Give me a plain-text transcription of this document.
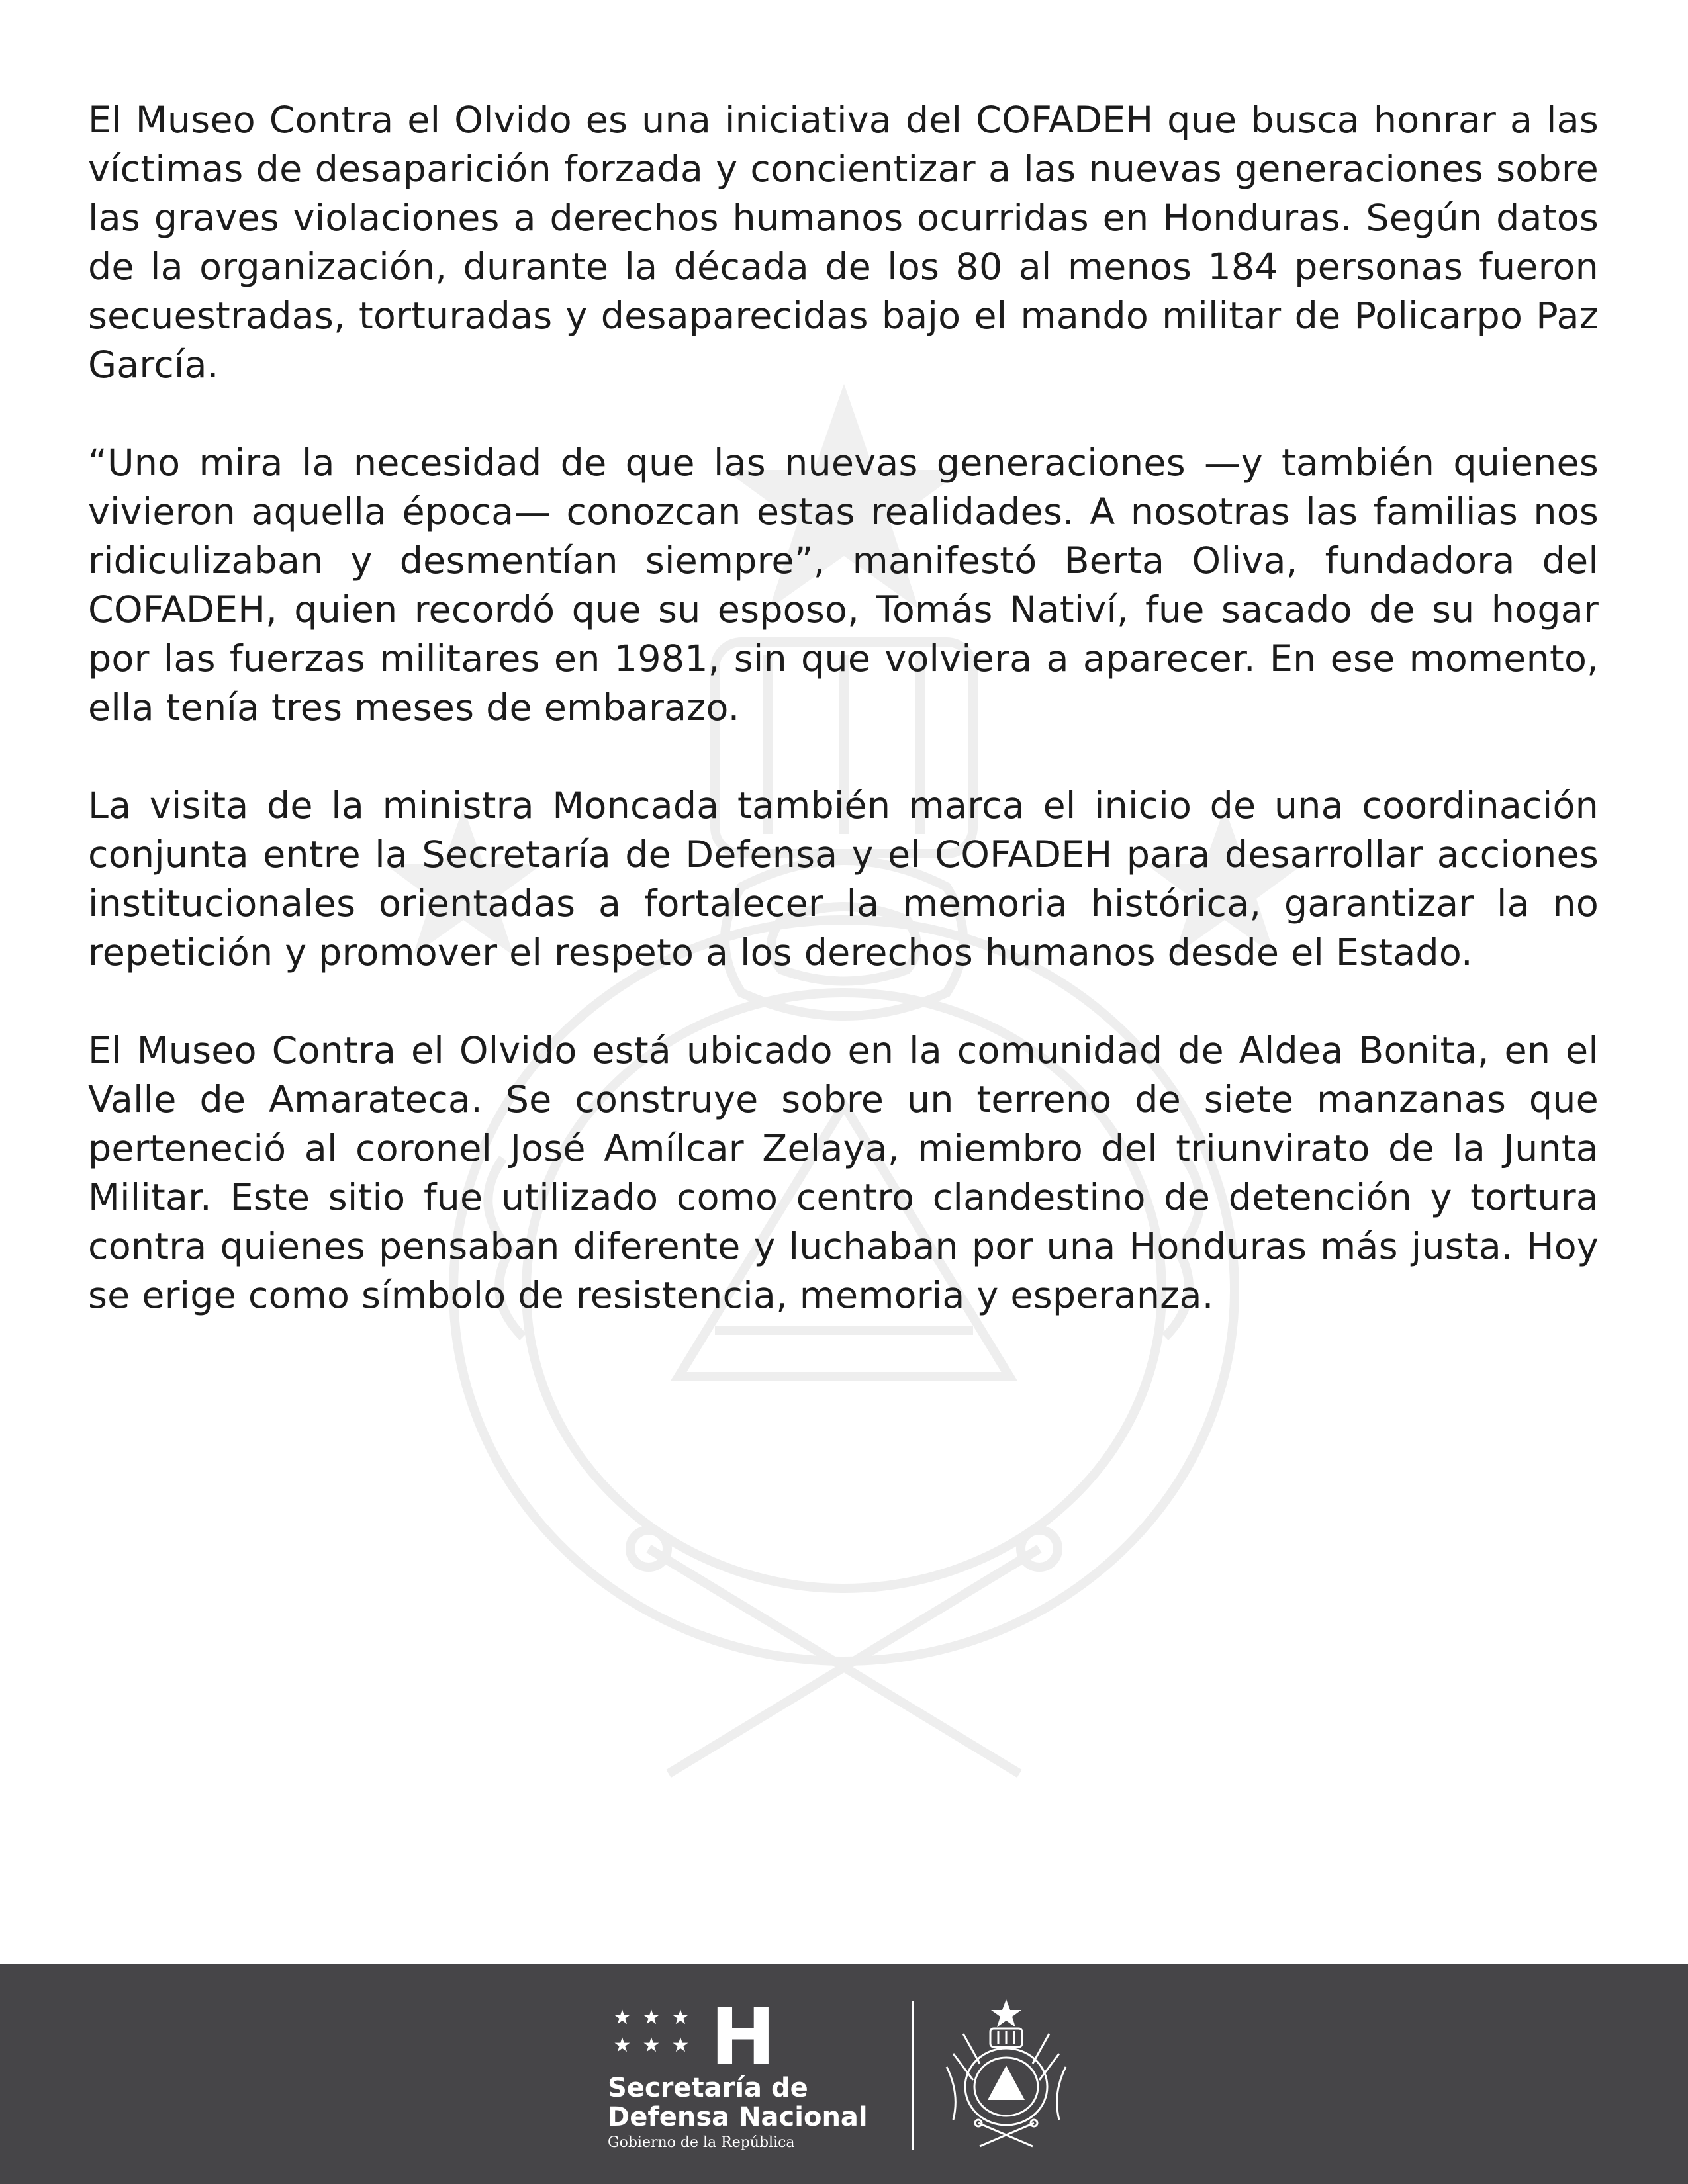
El Museo Contra el Olvido es una iniciativa del COFADEH que busca honrar a las víctimas de desaparición forzada y concientizar a las nuevas generaciones sobre las graves violaciones a derechos humanos ocurridas en Honduras. Según datos de la organización, durante la década de los 80 al menos 184 personas fueron secuestradas, torturadas y desaparecidas bajo el mando militar de Policarpo Paz García.

“Uno mira la necesidad de que las nuevas generaciones —y también quienes vivieron aquella época— conozcan estas realidades. A nosotras las familias nos ridiculizaban y desmentían siempre”, manifestó Berta Oliva, fundadora del COFADEH, quien recordó que su esposo, Tomás Nativí, fue sacado de su hogar por las fuerzas militares en 1981, sin que volviera a aparecer. En ese momento, ella tenía tres meses de embarazo.

La visita de la ministra Moncada también marca el inicio de una coordinación conjunta entre la Secretaría de Defensa y el COFADEH para desarrollar acciones institucionales orientadas a fortalecer la memoria histórica, garantizar la no repetición y promover el respeto a los derechos humanos desde el Estado.

El Museo Contra el Olvido está ubicado en la comunidad de Aldea Bonita, en el Valle de Amarateca. Se construye sobre un terreno de siete manzanas que perteneció al coronel José Amílcar Zelaya, miembro del triunvirato de la Junta Militar. Este sitio fue utilizado como centro clandestino de detención y tortura contra quienes pensaban diferente y luchaban por una Honduras más justa. Hoy se erige como símbolo de resistencia, memoria y esperanza.

★ ★ ★
★ ★ ★ H
Secretaría de
Defensa Nacional
Gobierno de la República
